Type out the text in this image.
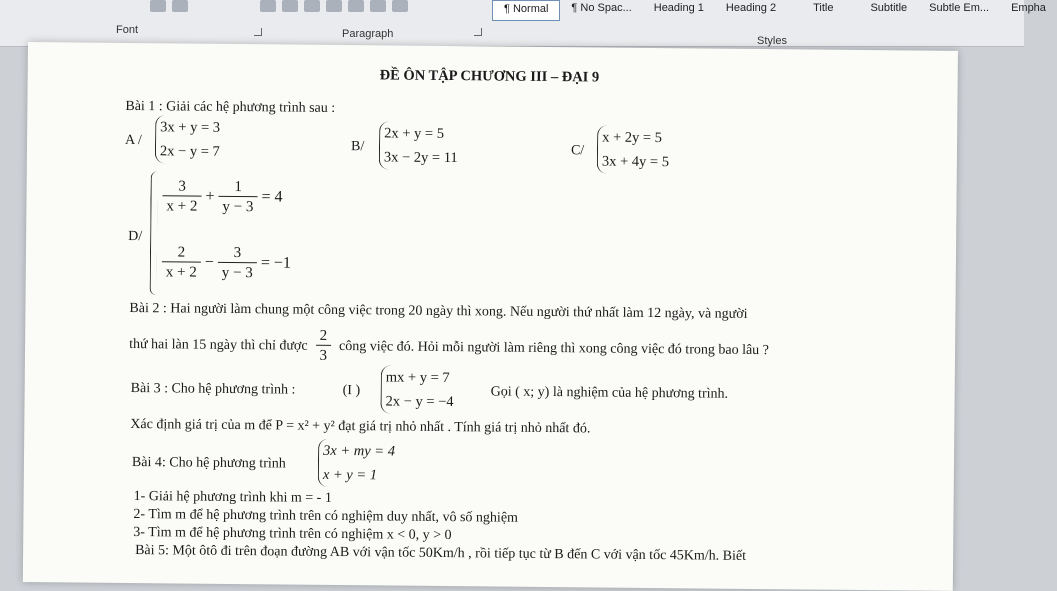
Font	Paragraph
¶ Normal	¶ No Spac...	Heading 1	Heading 2	Title	Subtitle	Subtle Em...	Empha
Styles
ĐỀ ÔN TẬP CHƯƠNG III – ĐẠI 9
Bài 1 : Giải các hệ phương trình sau :
A /
3x + y = 3
2x − y = 7	B/
2x + y = 5
3x − 2y = 11	C/
x + 2y = 5
3x + 4y = 5
D/
$\frac{3}{x + 2} + \frac{1}{y - 3} = 4$
$\frac{2}{x + 2} - \frac{3}{y - 3} = -1$
Bài 2 : Hai người làm chung một công việc trong 20 ngày thì xong. Nếu người thứ nhất làm 12 ngày, và người
thứ hai làn 15 ngày thì chỉ được $\frac{2}{3}$ công việc đó. Hỏi mỗi người làm riêng thì xong công việc đó trong bao lâu ?
Bài 3 : Cho hệ phương trình :	(I )
mx + y = 7
2x − y = −4
Gọi ( x; y) là nghiệm của hệ phương trình.
Xác định giá trị của m để P = x² + y² đạt giá trị nhỏ nhất . Tính giá trị nhỏ nhất đó.
Bài 4: Cho hệ phương trình
3x + my = 4
x + y = 1
1- Giải hệ phương trình khi m = - 1
2- Tìm m để hệ phương trình trên có nghiệm duy nhất, vô số nghiệm
3- Tìm m để hệ phương trình trên có nghiệm x < 0, y > 0
Bài 5: Một ôtô đi trên đoạn đường AB với vận tốc 50Km/h , rồi tiếp tục từ B đến C với vận tốc 45Km/h. Biết
